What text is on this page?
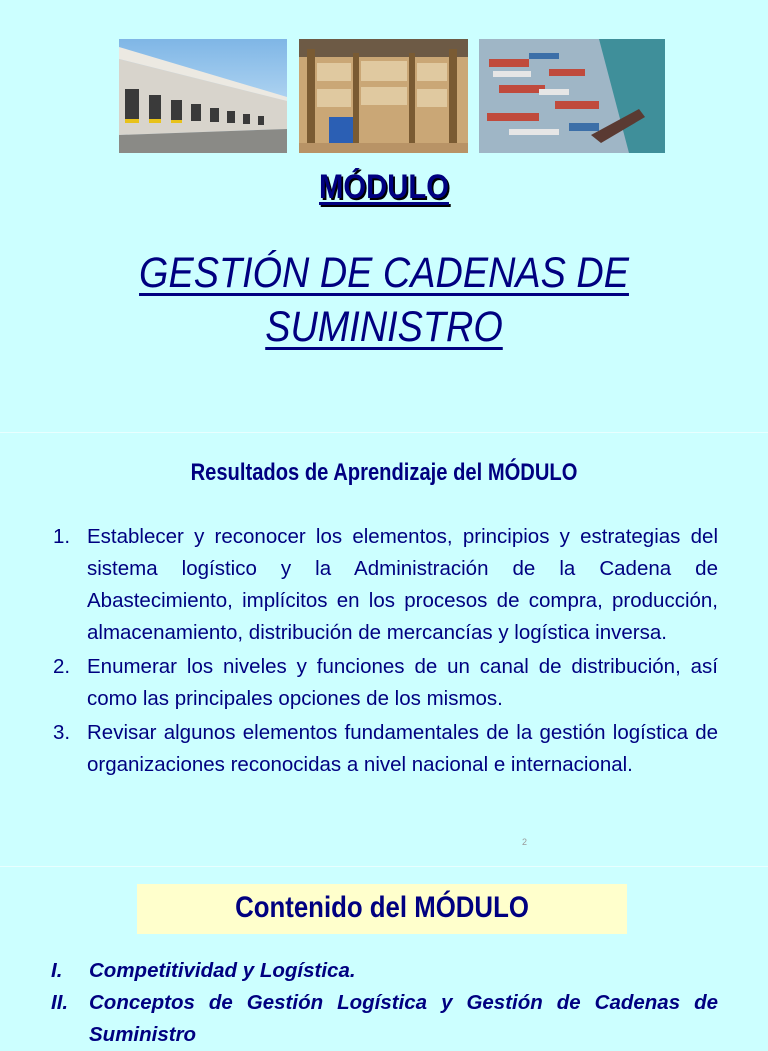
MÓDULO
GESTIÓN DE CADENAS DE
SUMINISTRO
Resultados de Aprendizaje del MÓDULO
1. Establecer y reconocer los elementos, principios y estrategias del sistema logístico y la Administración de la Cadena de Abastecimiento, implícitos en los procesos de compra, producción, almacenamiento, distribución de mercancías y logística inversa.
2. Enumerar los niveles y funciones de un canal de distribución, así como las principales opciones de los mismos.
3. Revisar algunos elementos fundamentales de la gestión logística de organizaciones reconocidas a nivel nacional e internacional.
2
Contenido del MÓDULO
I. Competitividad y Logística.
II. Conceptos de Gestión Logística y Gestión de Cadenas de Suministro
